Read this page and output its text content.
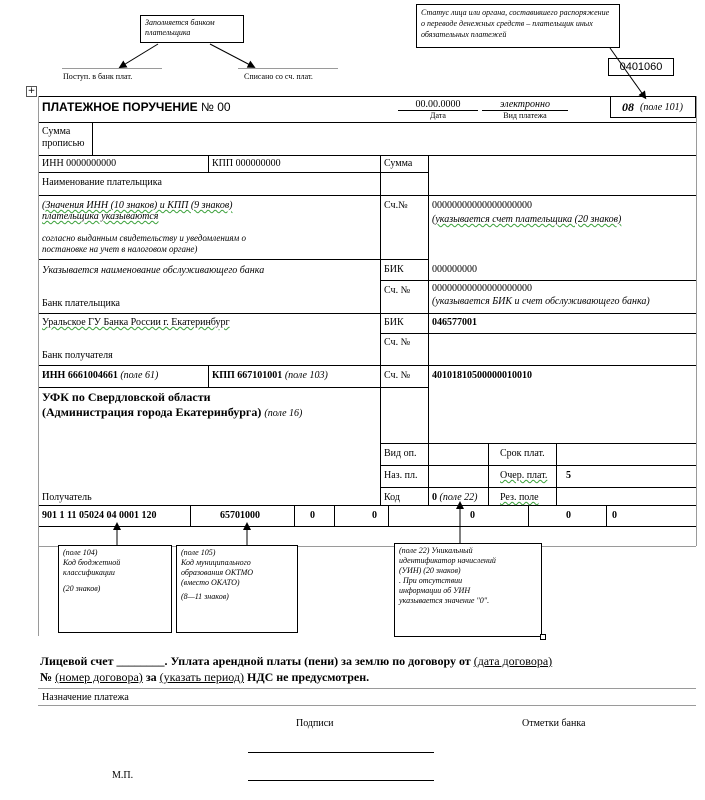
Заполняется банком плательщика
Статус лица или органа, составившего распоряжение о переводе денежных средств – плательщик иных обязательных платежей
0401060
Поступ. в банк плат.	Списано со сч. плат.
+
ПЛАТЕЖНОЕ ПОРУЧЕНИЕ № 00	00.00.0000
Дата
электронно
Вид платежа
08 (поле 101)
Сумма прописью
ИНН 0000000000	КПП 000000000	Сумма
Наименование плательщика
(Значения ИНН (10 знаков) и КПП (9 знаков)
плательщика указываются
согласно выданным свидетельству и уведомлениям о
постановке на учет в налоговом органе)
Сч.№ 00000000000000000000
(указывается счет плательщика (20 знаков)
Указывается наименование обслуживающего банка
Банк плательщика
БИК	000000000
Сч. № 00000000000000000000
(указывается БИК и счет обслуживающего банка)
Уральское ГУ Банка России г. Екатеринбург
Банк получателя
БИК	046577001
Сч. №
ИНН 6661004661 (поле 61)	КПП 667101001 (поле 103)	Сч. № 40101810500000010010
УФК по Свердловской области
(Администрация города Екатеринбурга) (поле 16)
Получатель
Вид оп.	Срок плат.
Наз. пл.	Очер. плат. 5
Код	0 (поле 22) Рез. поле
901 1 11 05024 04 0001 120	65701000	0	0	0	0	0
(поле 104)
Код бюджетной
классификации
(20 знаков)
(поле 105)
Код муниципального
образования ОКТМО
(вместо ОКАТО)
(8—11 знаков)
(поле 22) Уникальный
идентификатор начислений
(УИН) (20 знаков)
. При отсутствии
информации об УИН
указывается значение "0".
Лицевой счет ________. Уплата арендной платы (пени) за землю по договору от (дата договора)
№ (номер договора) за (указать период) НДС не предусмотрен.
Назначение платежа
Подписи	Отметки банка
М.П.
